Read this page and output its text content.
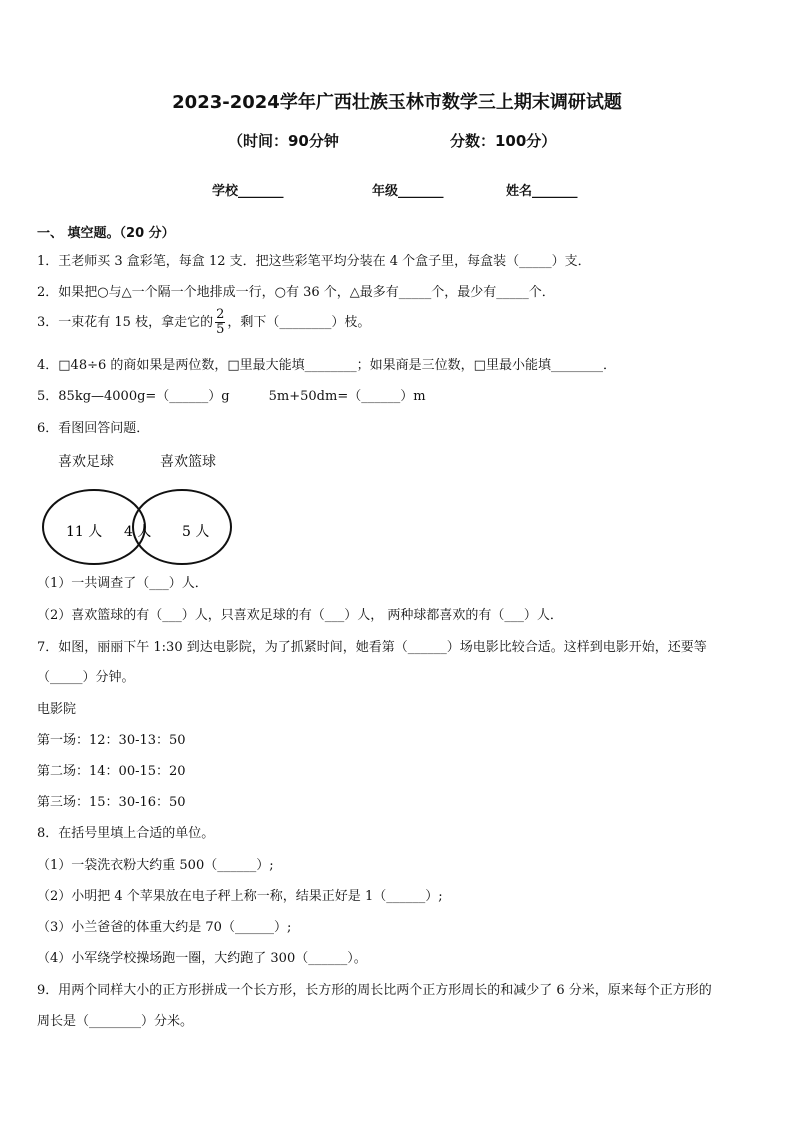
2023-2024学年广西壮族玉林市数学三上期末调研试题
（时间：90分钟	分数：100分）
学校_______	年级_______	姓名_______
一、 填空题。（20 分）
1．王老师买 3 盒彩笔，每盒 12 支．把这些彩笔平均分装在 4 个盒子里，每盒装（_____）支．
2．如果把○与△一个隔一个地排成一行，○有 36 个，△最多有_____个，最少有_____个．
3．一束花有 15 枝，拿走它的 $\frac{2}{5}$ ，剩下（________）枝。
4．□48÷6 的商如果是两位数，□里最大能填________；如果商是三位数，□里最小能填________．
5．85kg—4000g=（______）g　　　5m+50dm=（______）m
6．看图回答问题．
喜欢足球	喜欢篮球
11 人 4 人 5 人
（1）一共调查了（___）人．
（2）喜欢篮球的有（___）人，只喜欢足球的有（___）人， 两种球都喜欢的有（___）人．
7．如图，丽丽下午 1:30 到达电影院，为了抓紧时间，她看第（______）场电影比较合适。这样到电影开始，还要等
（_____）分钟。
电影院
第一场：12：30-13：50
第二场：14：00-15：20
第三场：15：30-16：50
8．在括号里填上合适的单位。
（1）一袋洗衣粉大约重 500（______）;
（2）小明把 4 个苹果放在电子秤上称一称，结果正好是 1（______）;
（3）小兰爸爸的体重大约是 70（______）;
（4）小军绕学校操场跑一圈，大约跑了 300（______）。
9．用两个同样大小的正方形拼成一个长方形，长方形的周长比两个正方形周长的和减少了 6 分米，原来每个正方形的
周长是（________）分米。
